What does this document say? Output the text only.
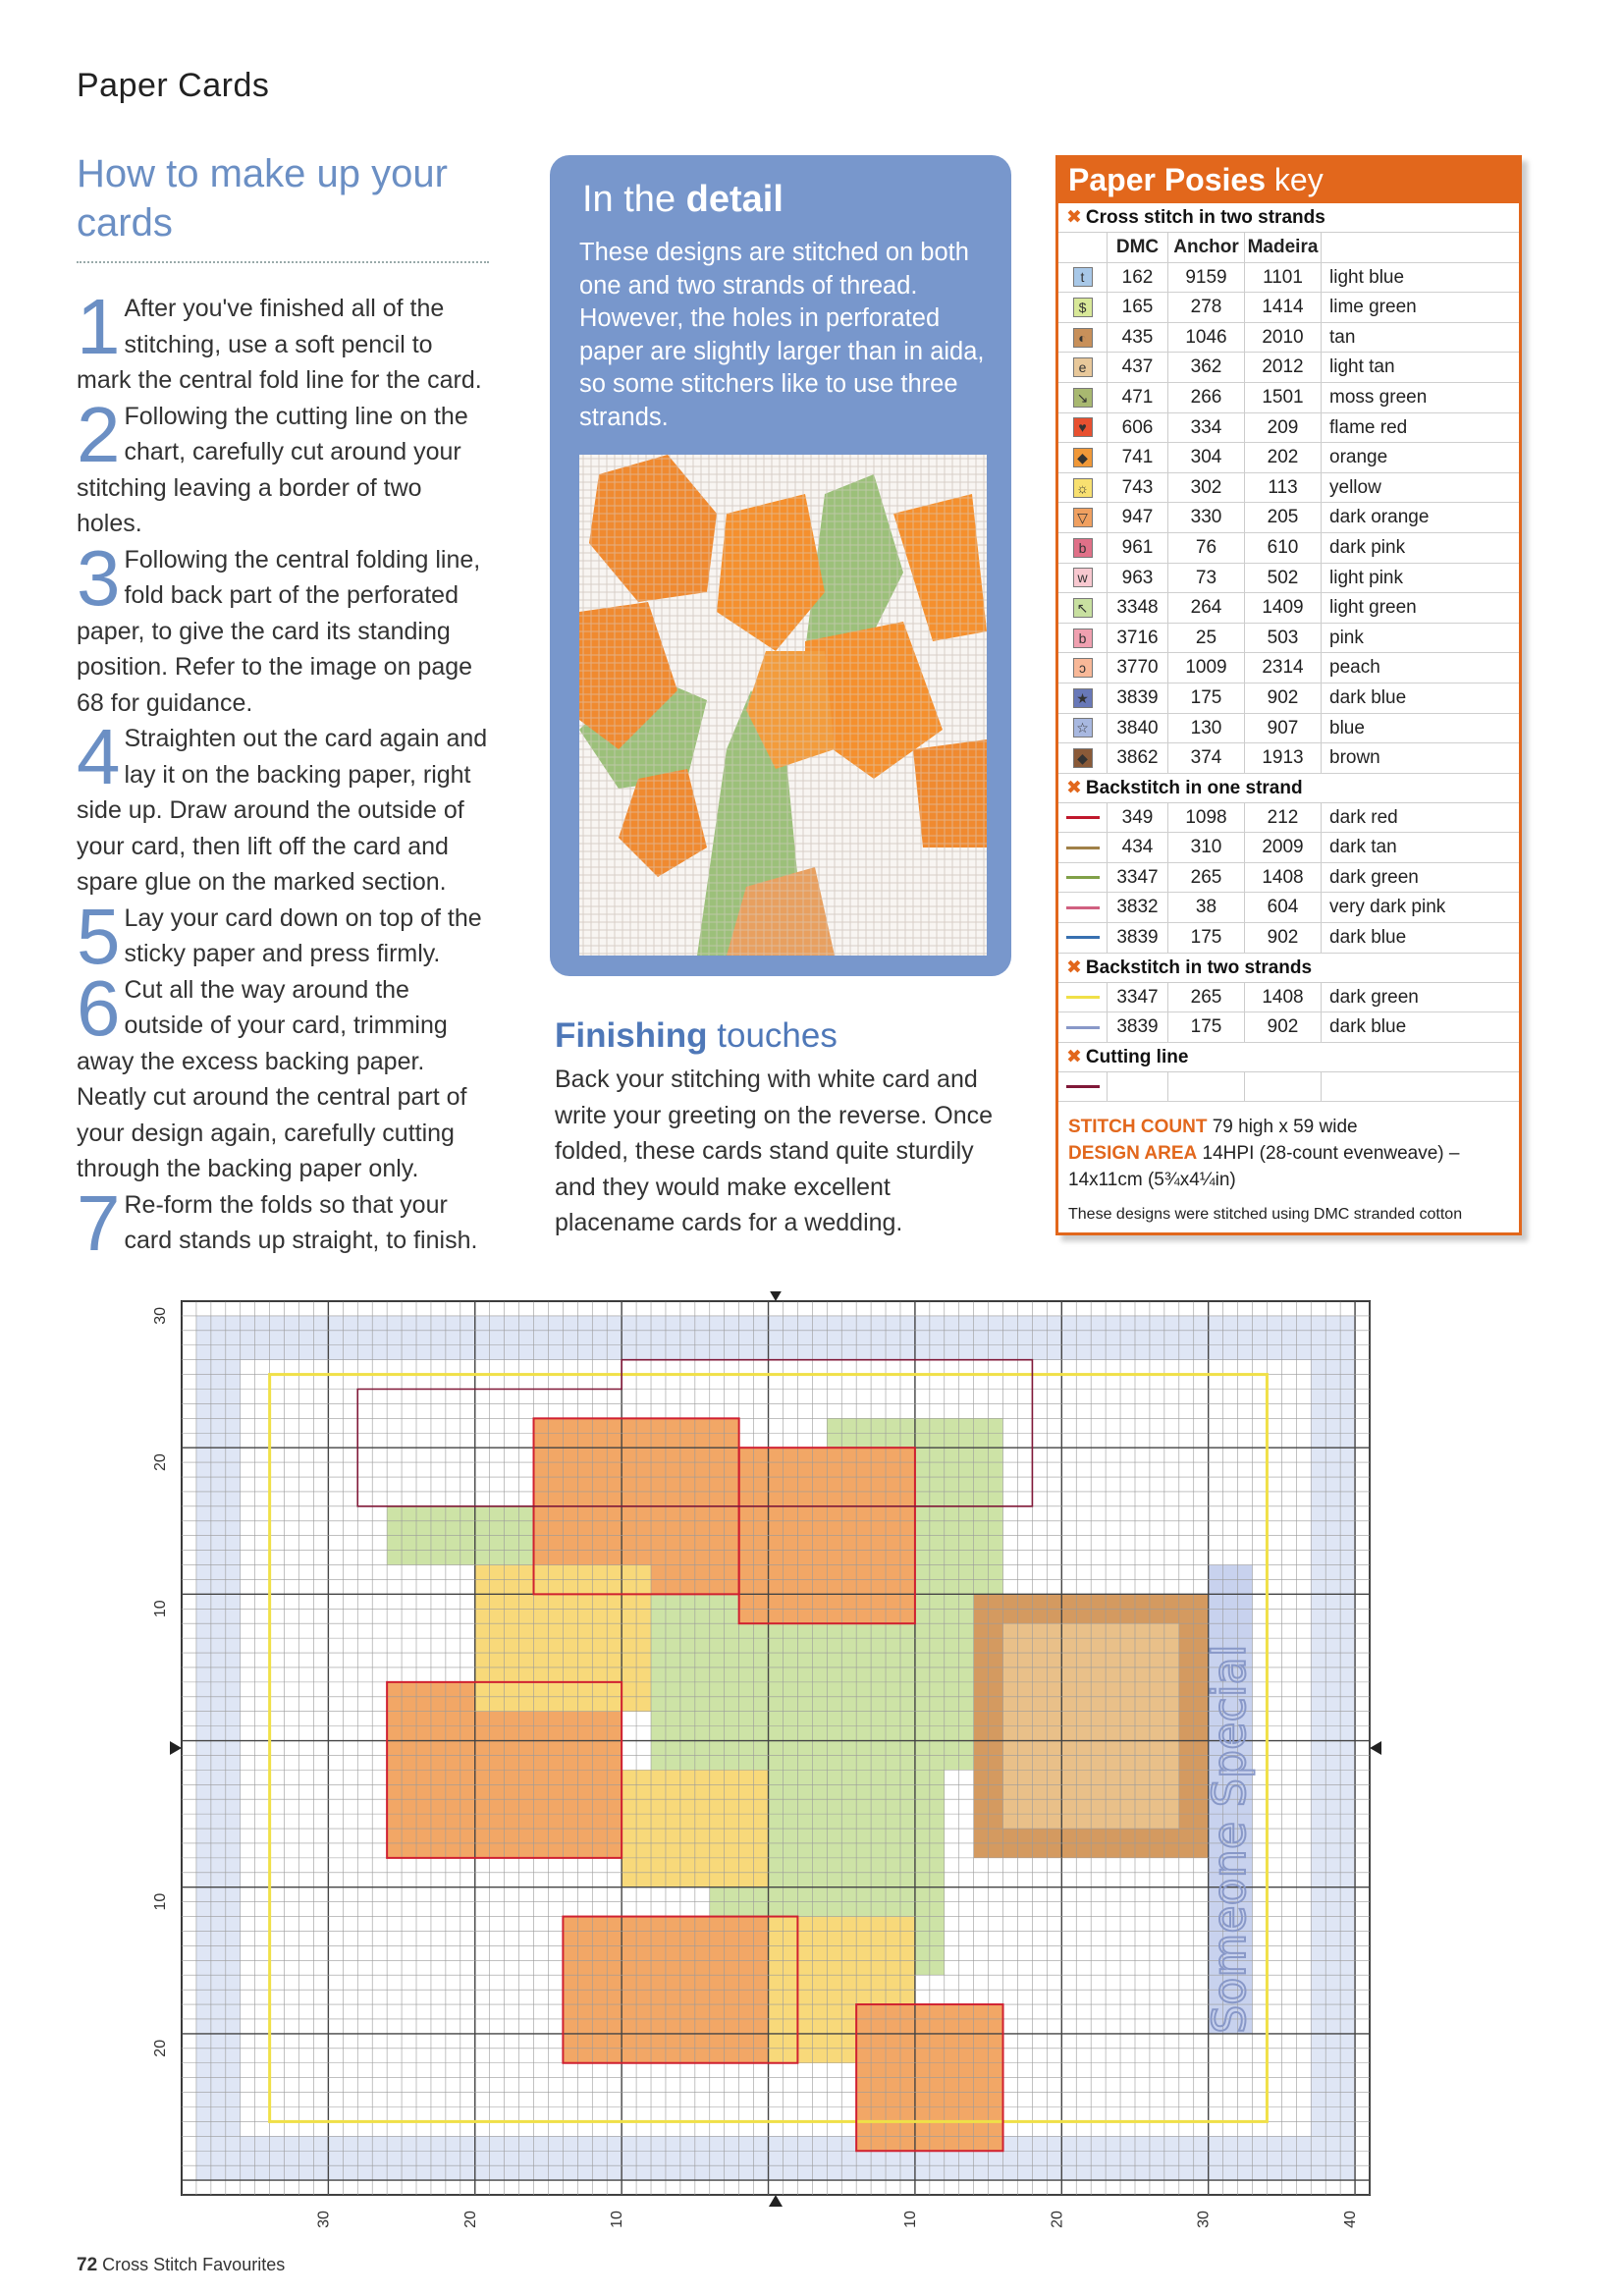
Paper Cards
How to make up your cards
1 After you've finished all of the stitching, use a soft pencil to mark the central fold line for the card.
2 Following the cutting line on the chart, carefully cut around your stitching leaving a border of two holes.
3 Following the central folding line, fold back part of the perforated paper, to give the card its standing position. Refer to the image on page 68 for guidance.
4 Straighten out the card again and lay it on the backing paper, right side up. Draw around the outside of your card, then lift off the card and spare glue on the marked section.
5 Lay your card down on top of the sticky paper and press firmly.
6 Cut all the way around the outside of your card, trimming away the excess backing paper. Neatly cut around the central part of your design again, carefully cutting through the backing paper only.
7 Re-form the folds so that your card stands up straight, to finish.
In the detail

These designs are stitched on both one and two strands of thread. However, the holes in perforated paper are slightly larger than in aida, so some stitchers like to use three strands.

Finishing touches

Back your stitching with white card and write your greeting on the reverse. Once folded, these cards stand quite sturdily and they would make excellent placename cards for a wedding.

Paper Posies key
✖ Cross stitch in two strands
DMC Anchor Madeira
t	162	9159	1101	light blue
$	165	278	1414	lime green
◐	435	1046	2010	tan
e	437	362	2012	light tan
↘	471	266	1501	moss green
♥	606	334	209	flame red
◆	741	304	202	orange
☼	743	302	113	yellow
▽	947	330	205	dark orange
b	961	76	610	dark pink
w	963	73	502	light pink
↖	3348	264	1409	light green
b	3716	25	503	pink
ɔ	3770	1009	2314	peach
★	3839	175	902	dark blue
☆	3840	130	907	blue
◆	3862	374	1913	brown
✖ Backstitch in one strand
349	1098	212	dark red
434	310	2009	dark tan
3347	265	1408	dark green
3832	38	604	very dark pink
3839	175	902	dark blue
✖ Backstitch in two strands
3347	265	1408	dark green
3839	175	902	dark blue
✖ Cutting line
STITCH COUNT 79 high x 59 wide
DESIGN AREA 14HPI (28-count evenweave) – 14x11cm (5¾x4¼in)
These designs were stitched using DMC stranded cotton
Someone Special
30
20
10
10
20
30	20	10	10	20	30	40
72 Cross Stitch Favourites
